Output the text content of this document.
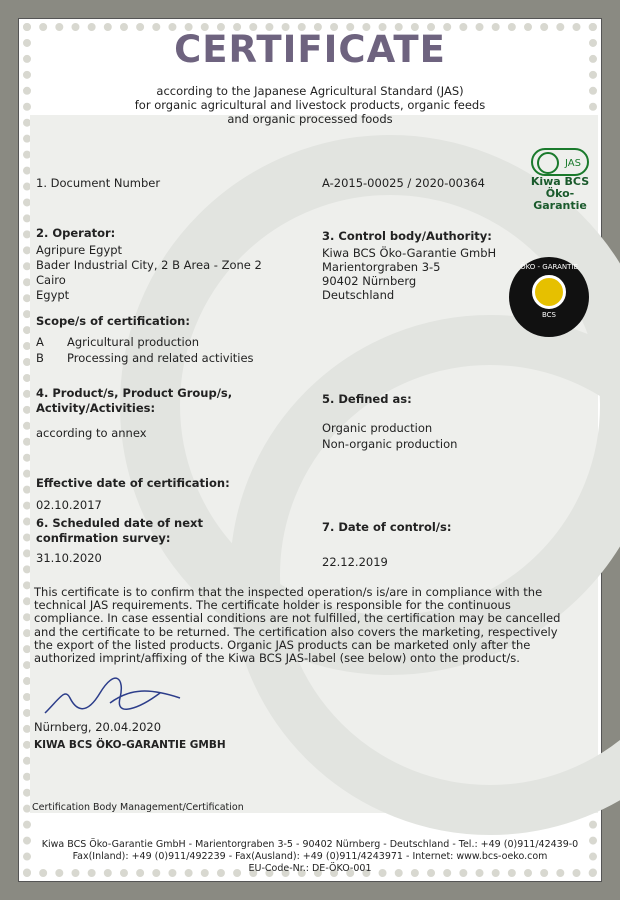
CERTIFICATE
according to the Japanese Agricultural Standard (JAS)
for organic agricultural and livestock products, organic feeds
and organic processed foods
1. Document Number	A-2015-00025 / 2020-00364
JAS
Kiwa BCS
Öko-Garantie
ÖKO - GARANTIE
BCS
2. Operator:
Agripure Egypt
Bader Industrial City, 2 B Area - Zone 2
Cairo
Egypt
3. Control body/Authority:
Kiwa BCS Öko-Garantie GmbH
Marientorgraben 3-5
90402 Nürnberg
Deutschland
Scope/s of certification:
A Agricultural production
B Processing and related activities
4. Product/s, Product Group/s,
Activity/Activities:
according to annex
5. Defined as:
Organic production
Non-organic production
Effective date of certification:
02.10.2017
6. Scheduled date of next
confirmation survey:
31.10.2020
7. Date of control/s:
22.12.2019
This certificate is to confirm that the inspected operation/s is/are in compliance with the technical JAS requirements. The certificate holder is responsible for the continuous compliance. In case essential conditions are not fulfilled, the certification may be cancelled and the certificate to be returned. The certification also covers the marketing, respectively the export of the listed products. Organic JAS products can be marketed only after the authorized imprint/affixing of the Kiwa BCS JAS-label (see below) onto the product/s.
Nürnberg, 20.04.2020
KIWA BCS ÖKO-GARANTIE GMBH
Certification Body Management/Certification
Kiwa BCS Öko-Garantie GmbH - Marientorgraben 3-5 - 90402 Nürnberg - Deutschland - Tel.: +49 (0)911/42439-0
Fax(Inland): +49 (0)911/492239 - Fax(Ausland): +49 (0)911/4243971 - Internet: www.bcs-oeko.com
EU-Code-Nr.: DE-ÖKO-001
